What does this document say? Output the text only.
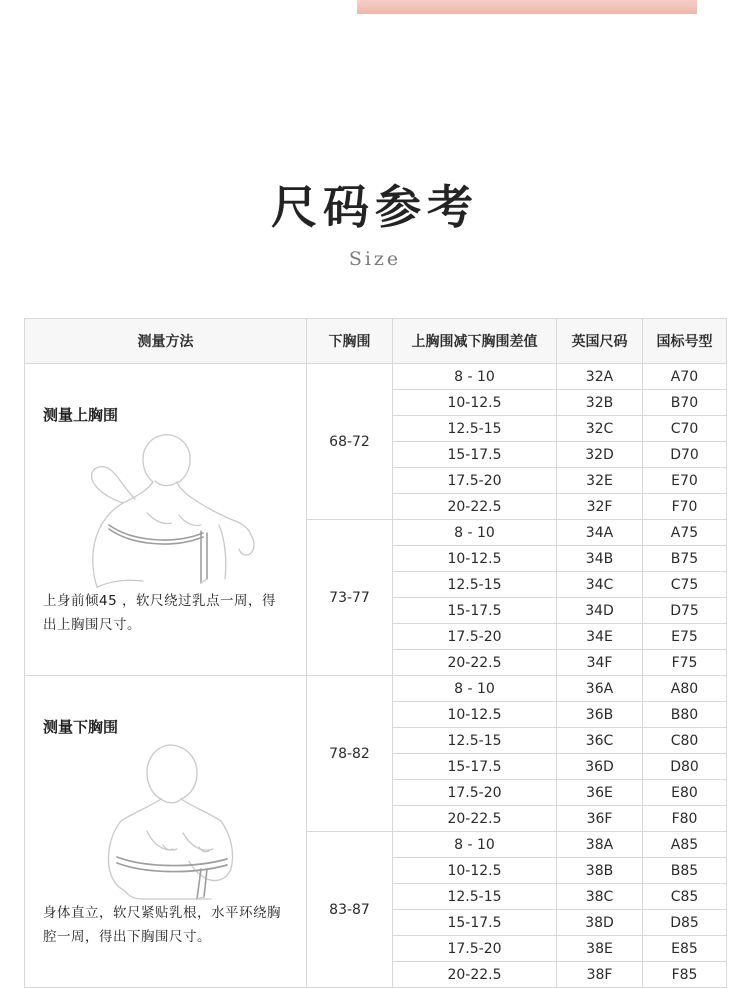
尺码参考
Size
测量方法	下胸围	上胸围减下胸围差值	英国尺码	国标号型

测量上胸围
上身前倾45 ，软尺绕过乳点一周，得出上胸围尺寸。	68-72	8 - 10	32A	A70
		10-12.5	32B	B70
		12.5-15	32C	C70
		15-17.5	32D	D70
		17.5-20	32E	E70
		20-22.5	32F	F70
	73-77	8 - 10	34A	A75
		10-12.5	34B	B75
		12.5-15	34C	C75
		15-17.5	34D	D75
		17.5-20	34E	E75
		20-22.5	34F	F75

测量下胸围
身体直立，软尺紧贴乳根，水平环绕胸腔一周，得出下胸围尺寸。	78-82	8 - 10	36A	A80
		10-12.5	36B	B80
		12.5-15	36C	C80
		15-17.5	36D	D80
		17.5-20	36E	E80
		20-22.5	36F	F80
	83-87	8 - 10	38A	A85
		10-12.5	38B	B85
		12.5-15	38C	C85
		15-17.5	38D	D85
		17.5-20	38E	E85
		20-22.5	38F	F85
